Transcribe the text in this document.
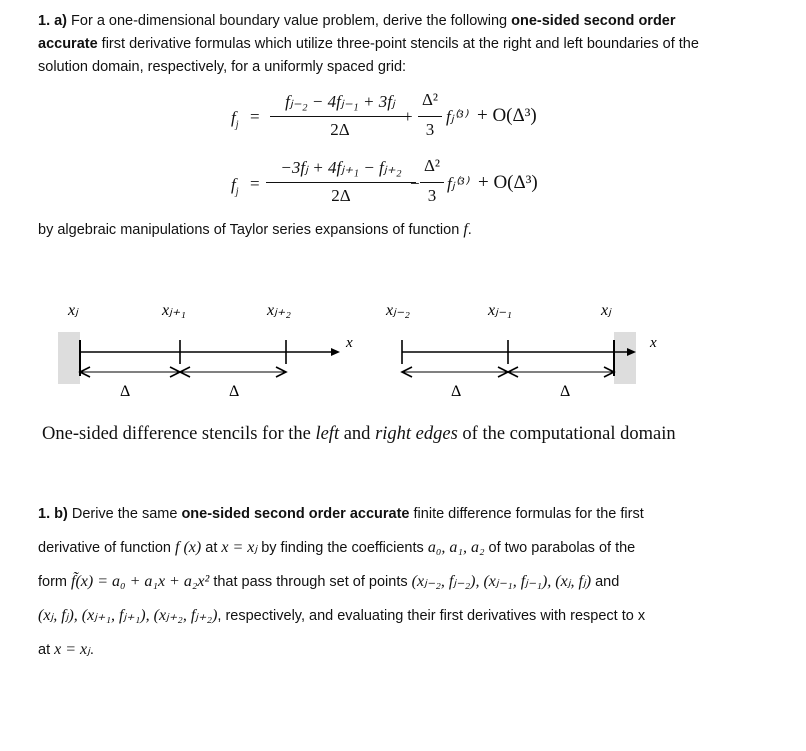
1. a) For a one-dimensional boundary value problem, derive the following one-sided second order accurate first derivative formulas which utilize three-point stencils at the right and left boundaries of the solution domain, respectively, for a uniformly spaced grid:
$f_j$ =
fⱼ₋₂ − 4fⱼ₋₁ + 3fⱼ
2Δ
+
Δ²
3
fⱼ⁽³⁾ + O(Δ³)
$f_j$ =
−3fⱼ + 4fⱼ₊₁ − fⱼ₊₂
2Δ
−
Δ²
3
fⱼ⁽³⁾ + O(Δ³)
by algebraic manipulations of Taylor series expansions of function f.
xⱼ	xⱼ₊₁	xⱼ₊₂
x
Δ	Δ
xⱼ₋₂	xⱼ₋₁	xⱼ
x
Δ	Δ
One-sided difference stencils for the left and right edges of the computational domain
1. b) Derive the same one-sided second order accurate finite difference formulas for the first
derivative of function f (x) at x = xⱼ by finding the coefficients a₀, a₁, a₂ of two parabolas of the
form f̃(x) = a₀ + a₁x + a₂x² that pass through set of points (xⱼ₋₂, fⱼ₋₂), (xⱼ₋₁, fⱼ₋₁), (xⱼ, fⱼ) and
(xⱼ, fⱼ), (xⱼ₊₁, fⱼ₊₁), (xⱼ₊₂, fⱼ₊₂), respectively, and evaluating their first derivatives with respect to x
at x = xⱼ.
